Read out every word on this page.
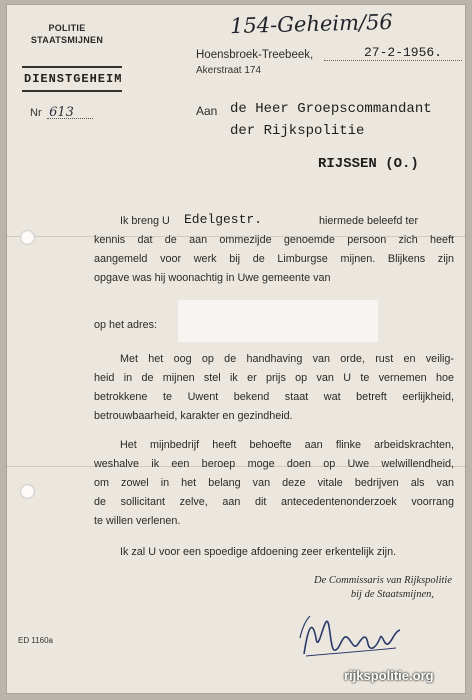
POLITIE
STAATSMIJNEN
DIENSTGEHEIM
Nr 613
154-Geheim/56
Hoensbroek-Treebeek,
Akerstraat 174
27-2-1956.
Aan de Heer Groepscommandant
der Rijkspolitie
RIJSSEN (O.)
Ik breng U Edelgestr.	hiermede beleefd ter
kennis dat de aan ommezijde genoemde persoon zich heeft
aangemeld voor werk bij de Limburgse mijnen. Blijkens zijn
opgave was hij woonachtig in Uwe gemeente van
op het adres:
Met het oog op de handhaving van orde, rust en veilig-
heid in de mijnen stel ik er prijs op van U te vernemen hoe
betrokkene te Uwent bekend staat wat betreft eerlijkheid,
betrouwbaarheid, karakter en gezindheid.
Het mijnbedrijf heeft behoefte aan flinke arbeidskrachten,
weshalve ik een beroep moge doen op Uwe welwillendheid,
om zowel in het belang van deze vitale bedrijven als van
de sollicitant zelve, aan dit antecedentenonderzoek voorrang
te willen verlenen.
Ik zal U voor een spoedige afdoening zeer erkentelijk zijn.
De Commissaris van Rijkspolitie
bij de Staatsmijnen,
ED 1160a
rijkspolitie.org
